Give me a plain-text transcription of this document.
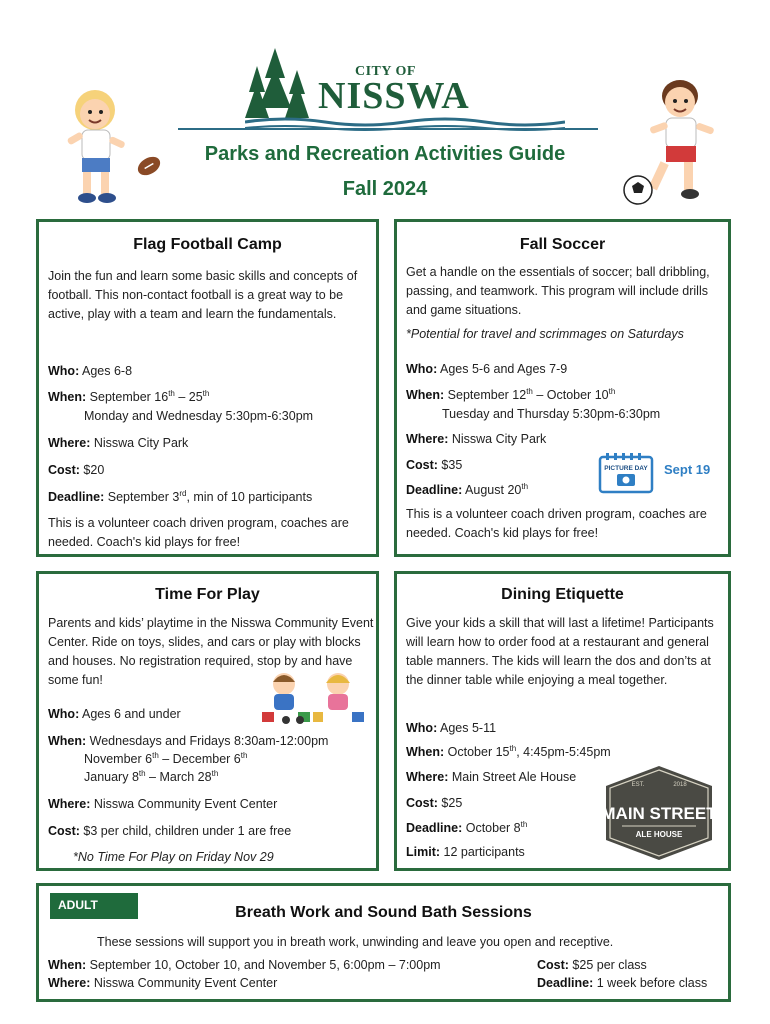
CITY OF
NISSWA
Parks and Recreation Activities Guide
Fall 2024
Flag Football Camp
Join the fun and learn some basic skills and concepts of football. This non-contact football is a great way to be active, play with a team and learn the fundamentals.
Who: Ages 6-8
When: September 16th – 25th
Monday and Wednesday 5:30pm-6:30pm
Where: Nisswa City Park
Cost: $20
Deadline: September 3rd, min of 10 participants
This is a volunteer coach driven program, coaches are needed. Coach's kid plays for free!
Fall Soccer
Get a handle on the essentials of soccer; ball dribbling, passing, and teamwork. This program will include drills and game situations.
*Potential for travel and scrimmages on Saturdays
Who: Ages 5-6 and Ages 7-9
When: September 12th – October 10th
Tuesday and Thursday 5:30pm-6:30pm
Where: Nisswa City Park
Cost: $35
Deadline: August 20th
This is a volunteer coach driven program, coaches are needed. Coach's kid plays for free!
PICTURE DAY Sept 19
Time For Play
Parents and kids’ playtime in the Nisswa Community Event Center. Ride on toys, slides, and cars or play with blocks and houses. No registration required, stop by and have some fun!
Who: Ages 6 and under
When: Wednesdays and Fridays 8:30am-12:00pm
November 6th – December 6th
January 8th – March 28th
Where: Nisswa Community Event Center
Cost: $3 per child, children under 1 are free
*No Time For Play on Friday Nov 29
Dining Etiquette
Give your kids a skill that will last a lifetime! Participants will learn how to order food at a restaurant and general table manners. The kids will learn the dos and don’ts at the dinner table while enjoying a meal together.
Who: Ages 5-11
When: October 15th, 4:45pm-5:45pm
Where: Main Street Ale House
Cost: $25
Deadline: October 8th
Limit: 12 participants
EST.	2018
MAIN STREET
ALE HOUSE
Breath Work and Sound Bath Sessions
These sessions will support you in breath work, unwinding and leave you open and receptive.
When: September 10, October 10, and November 5, 6:00pm – 7:00pm
Where: Nisswa Community Event Center
Cost: $25 per class
Deadline: 1 week before class
ADULT
